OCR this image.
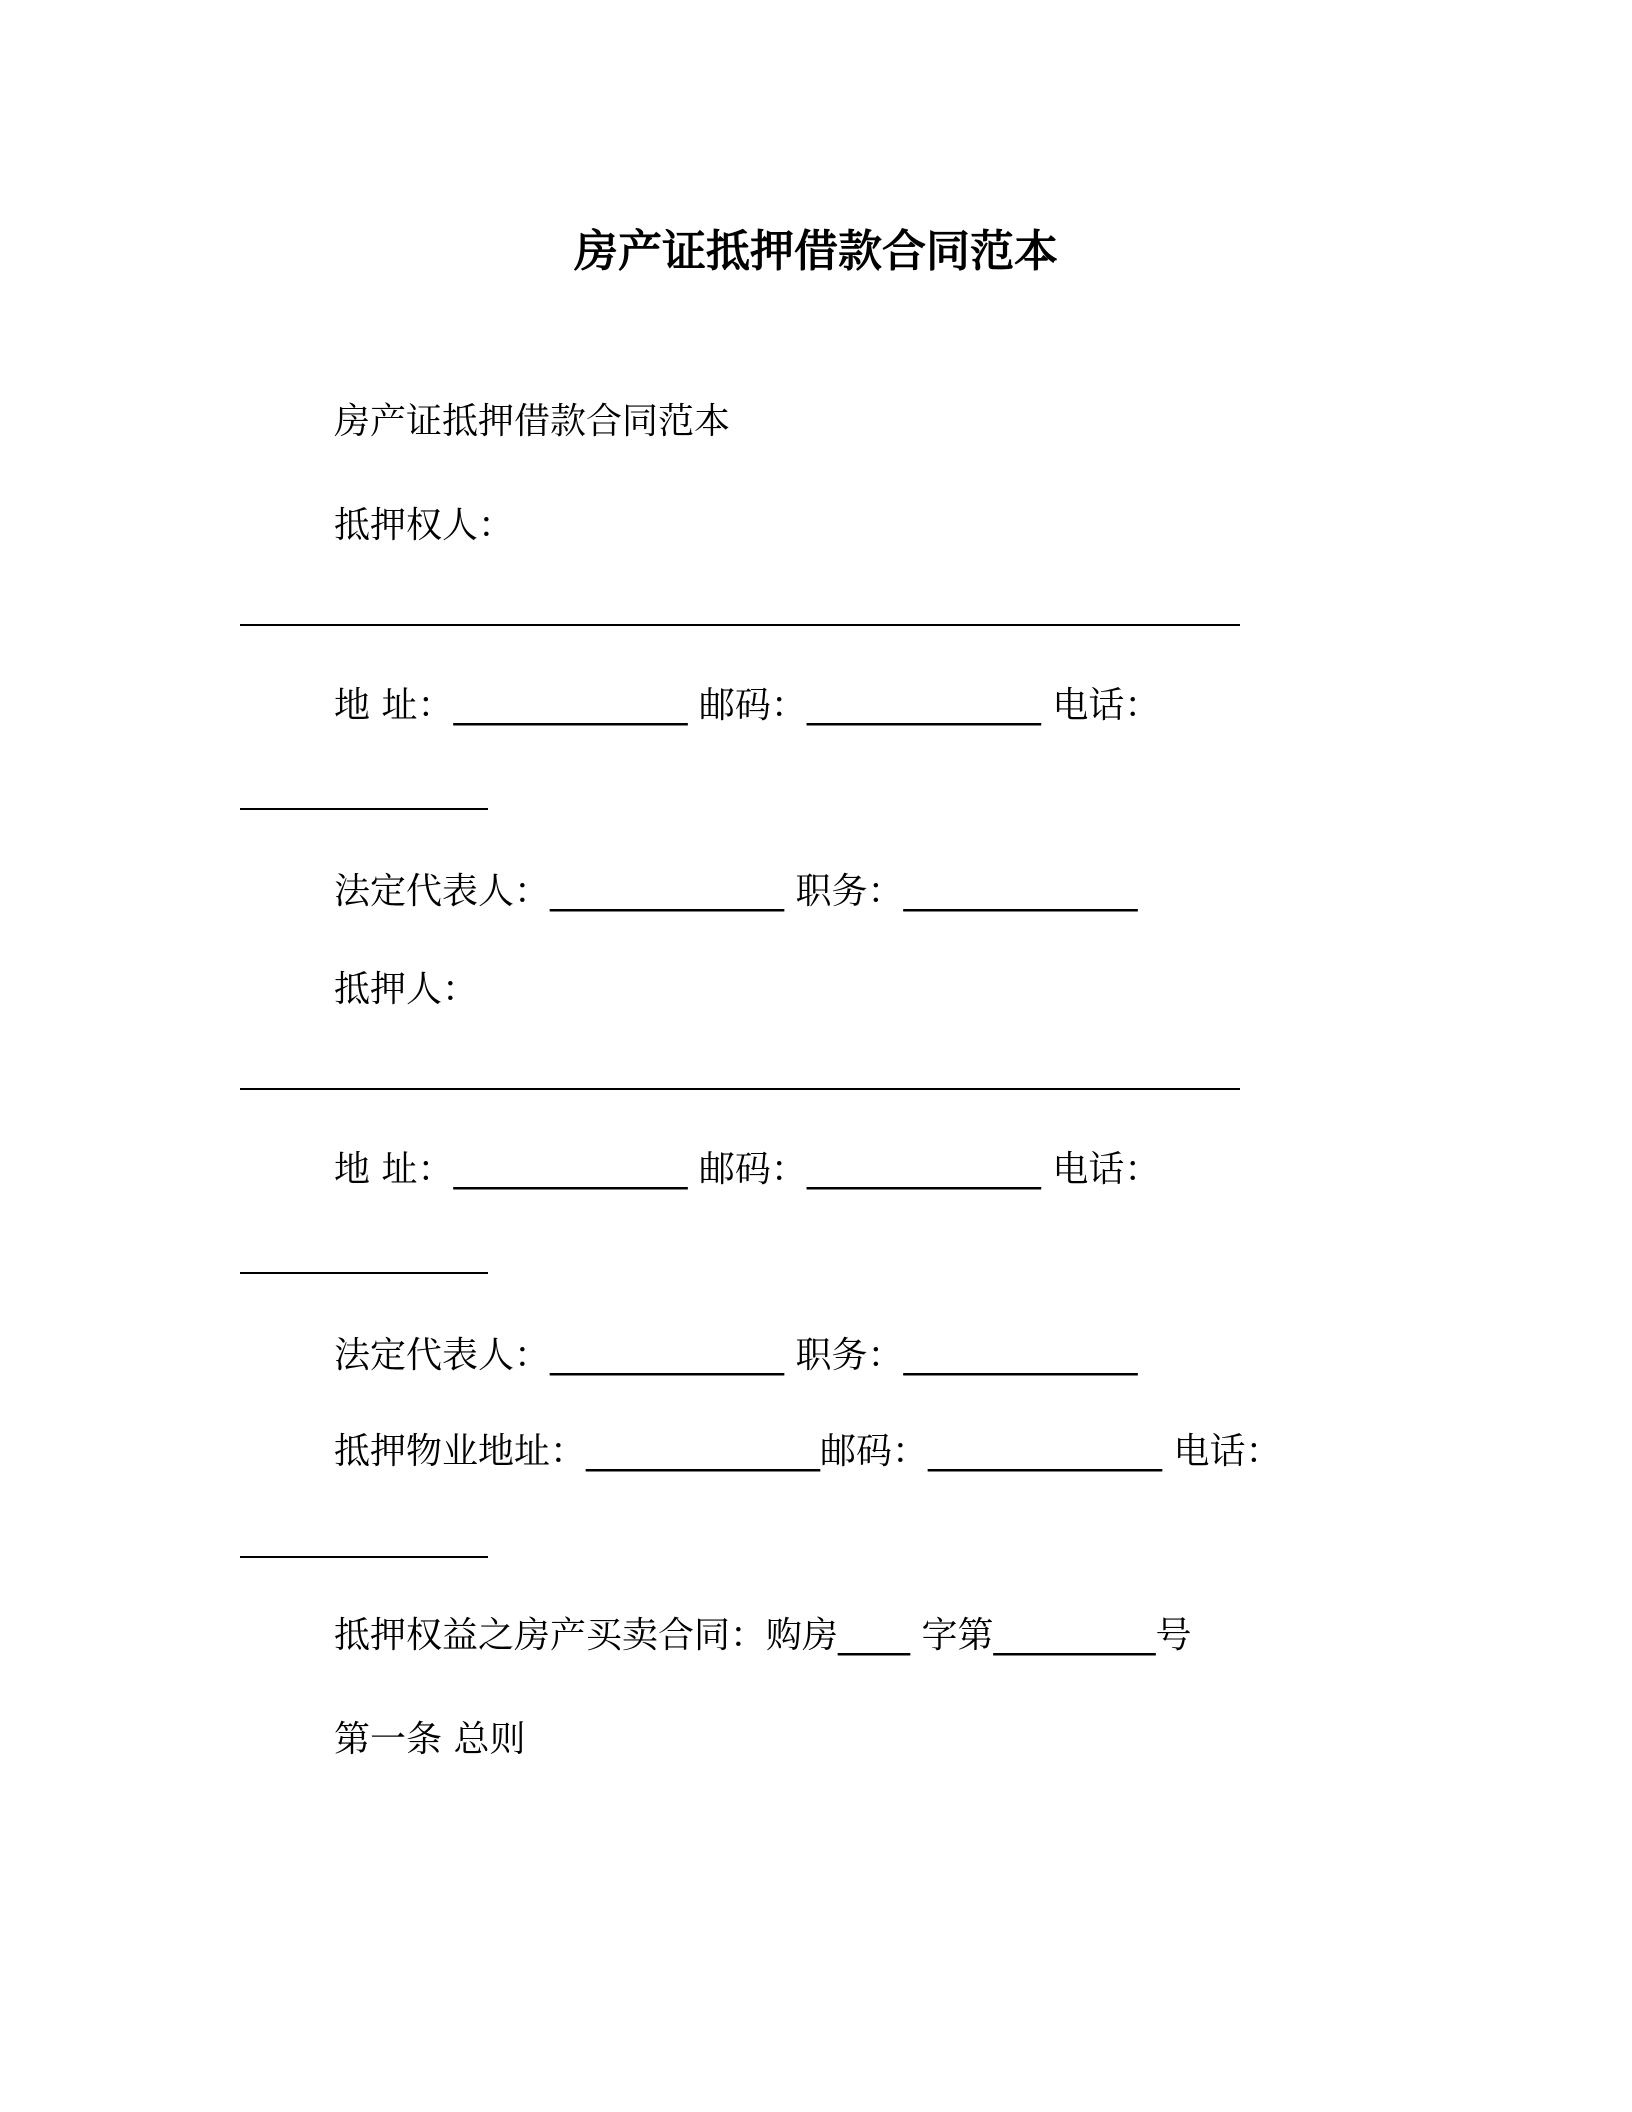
房产证抵押借款合同范本
房产证抵押借款合同范本
抵押权人：
地 址：_____________ 邮码：_____________ 电话：
法定代表人：_____________ 职务：_____________
抵押人：
地 址：_____________ 邮码：_____________ 电话：
法定代表人：_____________ 职务：_____________
抵押物业地址：_____________邮码：_____________ 电话：
抵押权益之房产买卖合同：购房____ 字第_________号
第一条 总则
